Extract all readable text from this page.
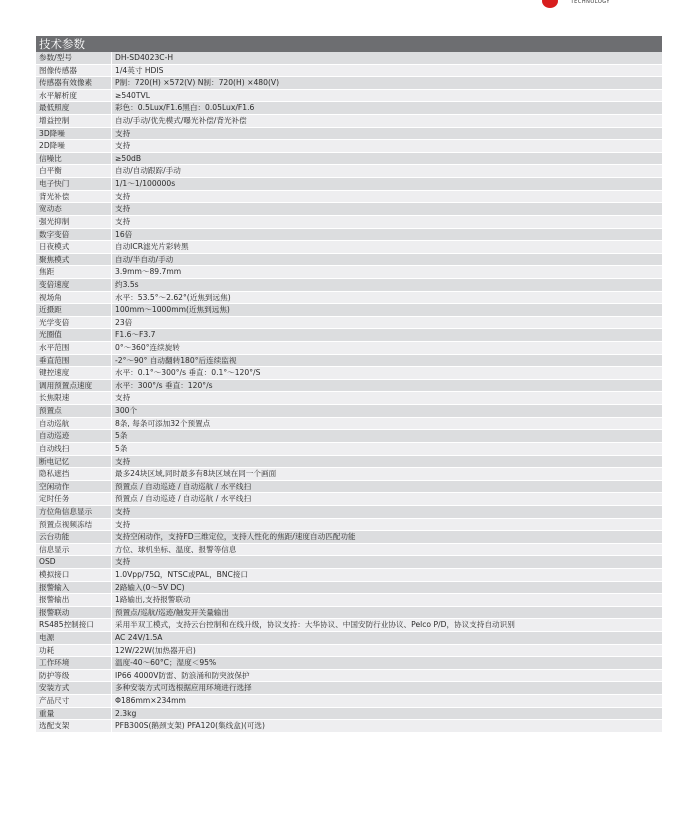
TECHNOLOGY
技术参数
参数/型号	DH-SD4023C-H
图像传感器	1/4英寸 HDIS
传感器有效像素	P制：720(H) ×572(V) N制：720(H) ×480(V)
水平解析度	≥540TVL
最低照度	彩色：0.5Lux/F1.6黑白：0.05Lux/F1.6
增益控制	自动/手动/优先模式/曝光补偿/背光补偿
3D降噪	支持
2D降噪	支持
信噪比	≥50dB
白平衡	自动/自动跟踪/手动
电子快门	1/1～1/100000s
背光补偿	支持
宽动态	支持
强光抑制	支持
数字变倍	16倍
日夜模式	自动ICR滤光片彩转黑
聚焦模式	自动/半自动/手动
焦距	3.9mm～89.7mm
变倍速度	约3.5s
视场角	水平：53.5°～2.62°(近焦到远焦)
近摄距	100mm～1000mm(近焦到远焦)
光学变倍	23倍
光圈值	F1.6～F3.7
水平范围	0°～360°连续旋转
垂直范围	-2°～90° 自动翻转180°后连续监视
键控速度	水平：0.1°～300°/s 垂直：0.1°～120°/S
调用预置点速度	水平：300°/s 垂直：120°/s
长焦限速	支持
预置点	300个
自动巡航	8条, 每条可添加32个预置点
自动巡迹	5条
自动线扫	5条
断电记忆	支持
隐私遮挡	最多24块区域,同时最多有8块区域在同一个画面
空闲动作	预置点 / 自动巡迹 / 自动巡航 / 水平线扫
定时任务	预置点 / 自动巡迹 / 自动巡航 / 水平线扫
方位角信息显示	支持
预置点视频冻结	支持
云台功能	支持空闲动作，支持FD三维定位，支持人性化的焦距/速度自动匹配功能
信息显示	方位、球机坐标、温度、报警等信息
OSD	支持
模拟接口	1.0Vpp/75Ω，NTSC或PAL，BNC接口
报警输入	2路输入(0～5V DC)
报警输出	1路输出,支持报警联动
报警联动	预置点/巡航/巡迹/触发开关量输出
RS485控制接口	采用半双工模式，支持云台控制和在线升级，协议支持：大华协议、中国安防行业协议、Pelco P/D，协议支持自动识别
电源	AC 24V/1.5A
功耗	12W/22W(加热器开启)
工作环境	温度-40～60°C；湿度＜95%
防护等级	IP66 4000V防雷、防浪涌和防突波保护
安装方式	多种安装方式可选根据应用环境进行选择
产品尺寸	Φ186mm×234mm
重量	2.3kg
选配支架	PFB300S(鹅颈支架) PFA120(集线盒)(可选)
